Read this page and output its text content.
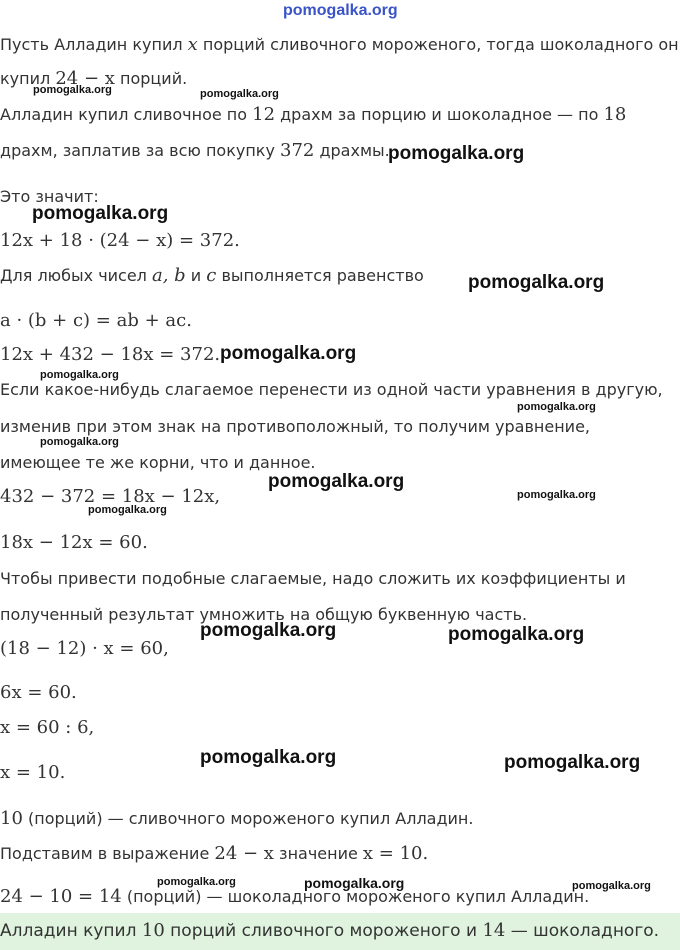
pomogalka.org
Пусть Алладин купил x порций сливочного мороженого, тогда шоколадного он
купил 24 − x порций.
Алладин купил сливочное по 12 драхм за порцию и шоколадное — по 18
драхм, заплатив за всю покупку 372 драхмы.
Это значит:
12x + 18 · (24 − x) = 372.
Для любых чисел a, b и c выполняется равенство
a · (b + c) = ab + ac.
12x + 432 − 18x = 372.
Если какое-нибудь слагаемое перенести из одной части уравнения в другую,
изменив при этом знак на противоположный, то получим уравнение,
имеющее те же корни, что и данное.
432 − 372 = 18x − 12x,
18x − 12x = 60.
Чтобы привести подобные слагаемые, надо сложить их коэффициенты и
полученный результат умножить на общую буквенную часть.
(18 − 12) · x = 60,
6x = 60.
x = 60 : 6,
x = 10.
10 (порций) — сливочного мороженого купил Алладин.
Подставим в выражение 24 − x значение x = 10.
24 − 10 = 14 (порций) — шоколадного мороженого купил Алладин.
Алладин купил 10 порций сливочного мороженого и 14 — шоколадного.
pomogalka.org	pomogalka.org
pomogalka.org
pomogalka.org
pomogalka.org
pomogalka.org
pomogalka.org
pomogalka.org
pomogalka.org
pomogalka.org
pomogalka.org
pomogalka.org
pomogalka.org	pomogalka.org
pomogalka.org	pomogalka.org
pomogalka.org	pomogalka.org	pomogalka.org
